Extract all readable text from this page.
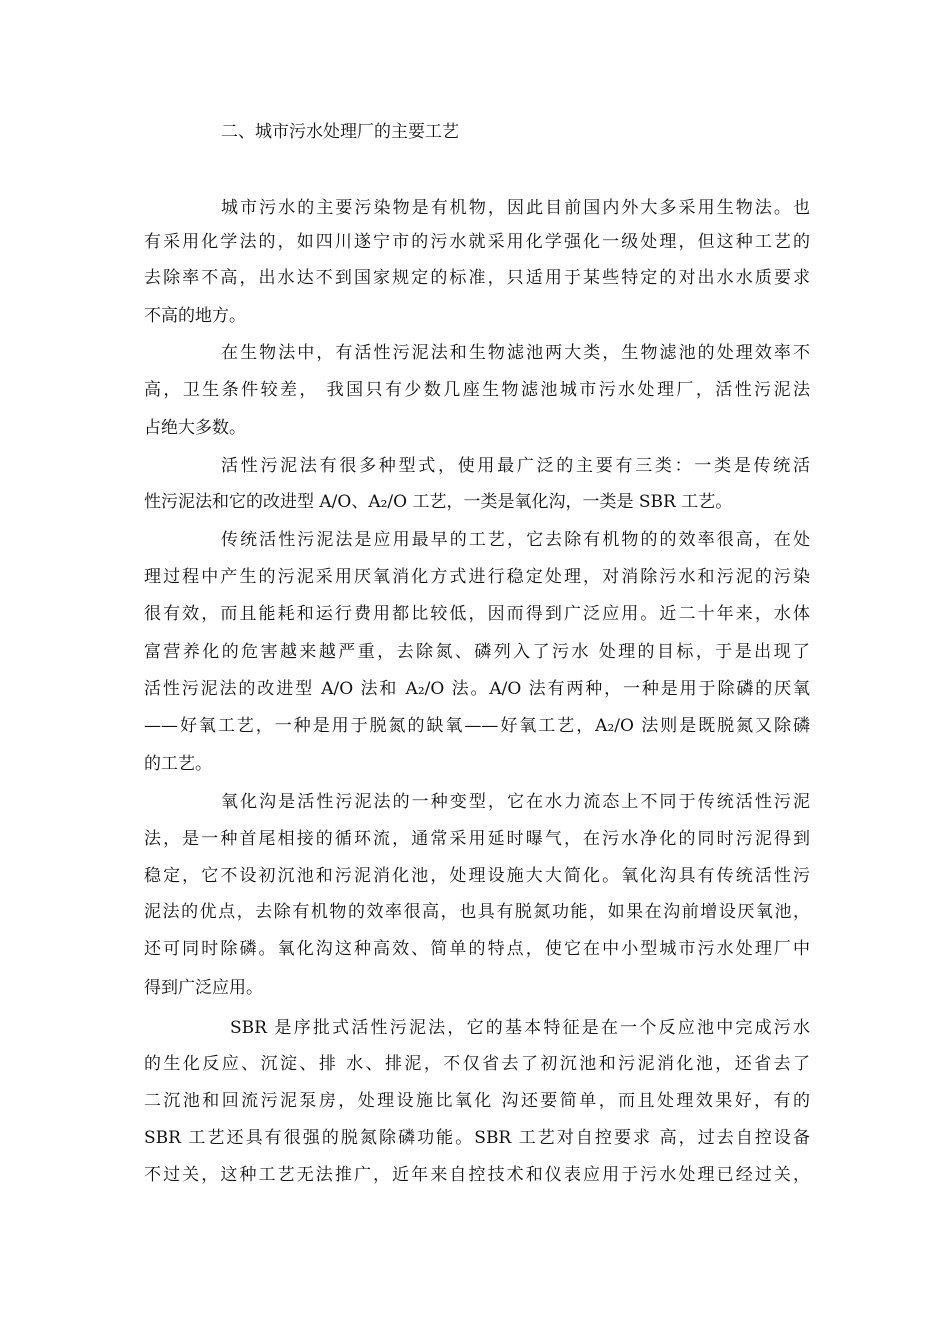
二、城市污水处理厂的主要工艺

城市污水的主要污染物是有机物，因此目前国内外大多采用生物法。也

有采用化学法的，如四川遂宁市的污水就采用化学强化一级处理，但这种工艺的

去除率不高，出水达不到国家规定的标准，只适用于某些特定的对出水水质要求

不高的地方。

在生物法中，有活性污泥法和生物滤池两大类，生物滤池的处理效率不

高，卫生条件较差， 我国只有少数几座生物滤池城市污水处理厂，活性污泥法

占绝大多数。

活性污泥法有很多种型式，使用最广泛的主要有三类：一类是传统活

性污泥法和它的改进型 A/O、A₂/O 工艺，一类是氧化沟，一类是 SBR 工艺。

传统活性污泥法是应用最早的工艺，它去除有机物的的效率很高，在处

理过程中产生的污泥采用厌氧消化方式进行稳定处理，对消除污水和污泥的污染

很有效，而且能耗和运行费用都比较低，因而得到广泛应用。近二十年来，水体

富营养化的危害越来越严重，去除氮、磷列入了污水 处理的目标，于是出现了

活性污泥法的改进型 A/O 法和 A₂/O 法。A/O 法有两种，一种是用于除磷的厌氧

——好氧工艺，一种是用于脱氮的缺氧——好氧工艺，A₂/O 法则是既脱氮又除磷

的工艺。

氧化沟是活性污泥法的一种变型，它在水力流态上不同于传统活性污泥

法，是一种首尾相接的循环流，通常采用延时曝气，在污水净化的同时污泥得到

稳定，它不设初沉池和污泥消化池，处理设施大大简化。氧化沟具有传统活性污

泥法的优点，去除有机物的效率很高，也具有脱氮功能，如果在沟前增设厌氧池，

还可同时除磷。氧化沟这种高效、简单的特点，使它在中小型城市污水处理厂中

得到广泛应用。

SBR 是序批式活性污泥法，它的基本特征是在一个反应池中完成污水

的生化反应、沉淀、排 水、排泥，不仅省去了初沉池和污泥消化池，还省去了

二沉池和回流污泥泵房，处理设施比氧化 沟还要简单，而且处理效果好，有的

SBR 工艺还具有很强的脱氮除磷功能。SBR 工艺对自控要求 高，过去自控设备

不过关，这种工艺无法推广，近年来自控技术和仪表应用于污水处理已经过关，
